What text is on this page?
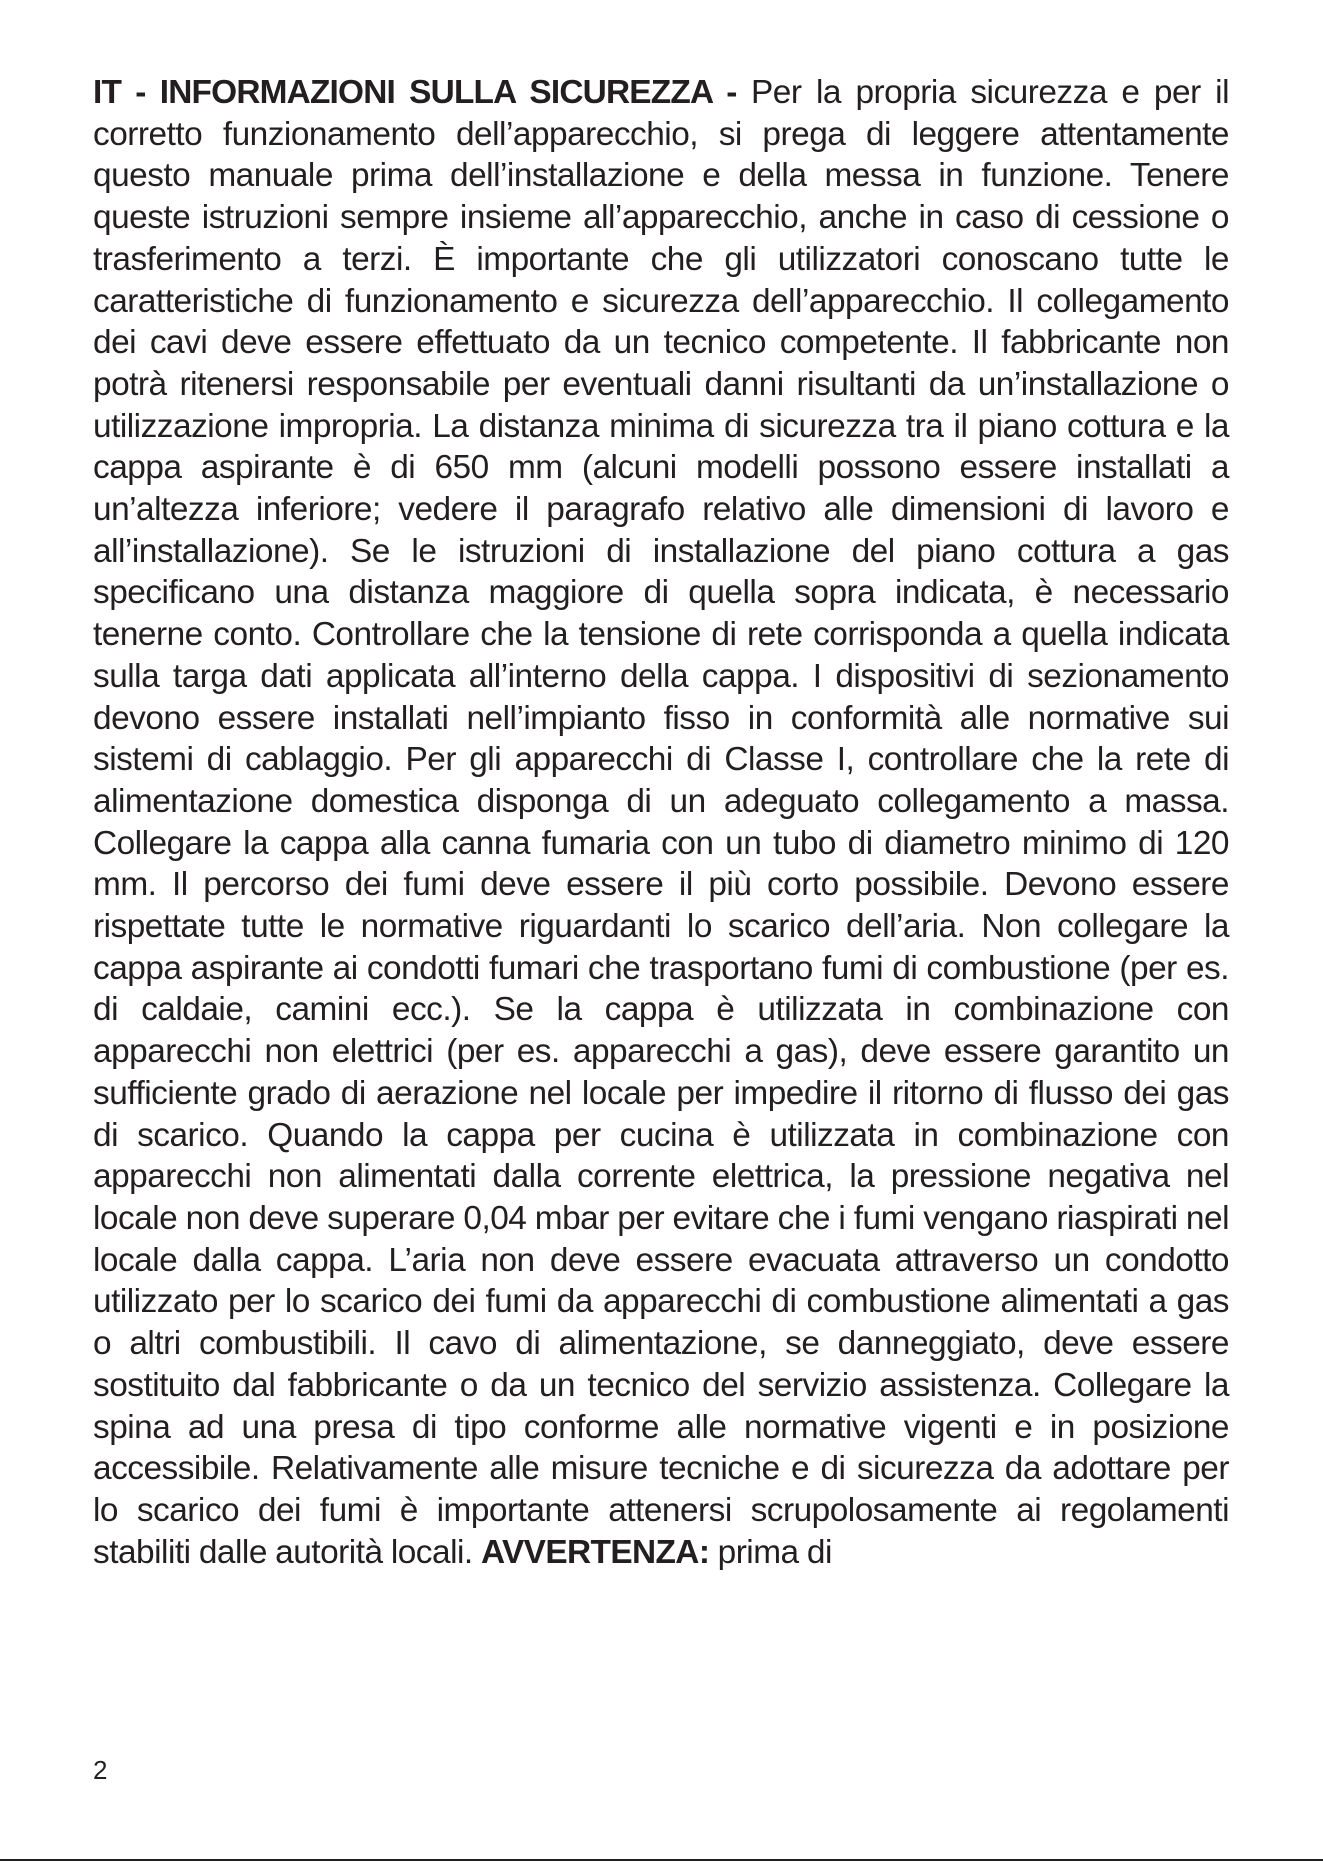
IT - INFORMAZIONI SULLA SICUREZZA - Per la propria sicurezza e per il corretto funzionamento dell’apparecchio, si prega di leggere attentamente questo manuale prima dell’installazione e della messa in funzione. Tenere queste istruzioni sempre insieme all’apparecchio, anche in caso di cessione o trasferimento a terzi. È importante che gli utilizzatori conoscano tutte le caratteristiche di funzionamento e sicurezza dell’apparecchio. Il collegamento dei cavi deve essere effettuato da un tecnico competente. Il fabbricante non potrà ritenersi responsabile per eventuali danni risultanti da un’installazione o utilizzazione impropria. La distanza minima di sicurezza tra il piano cottura e la cappa aspirante è di 650 mm (alcuni modelli possono essere installati a un’altezza inferiore; vedere il paragrafo relativo alle dimensioni di lavoro e all’installazione). Se le istruzioni di installazione del piano cottura a gas specificano una distanza maggiore di quella sopra indicata, è necessario tenerne conto. Controllare che la tensione di rete corrisponda a quella indicata sulla targa dati applicata all’interno della cappa. I dispositivi di sezionamento devono essere installati nell’impianto fisso in conformità alle normative sui sistemi di cablaggio. Per gli apparecchi di Classe I, controllare che la rete di alimentazione domestica disponga di un adeguato collegamento a massa. Collegare la cappa alla canna fumaria con un tubo di diametro minimo di 120 mm. Il percorso dei fumi deve essere il più corto possibile. Devono essere rispettate tutte le normative riguardanti lo scarico dell’aria. Non collegare la cappa aspirante ai condotti fumari che trasportano fumi di combustione (per es. di caldaie, camini ecc.). Se la cappa è utilizzata in combinazione con apparecchi non elettrici (per es. apparecchi a gas), deve essere garantito un sufficiente grado di aerazione nel locale per impedire il ritorno di flusso dei gas di scarico. Quando la cappa per cucina è utilizzata in combinazione con apparecchi non alimentati dalla corrente elettrica, la pressione negativa nel locale non deve superare 0,04 mbar per evitare che i fumi vengano riaspirati nel locale dalla cappa. L’aria non deve essere evacuata attraverso un condotto utilizzato per lo scarico dei fumi da apparecchi di combustione alimentati a gas o altri combustibili. Il cavo di alimentazione, se danneggiato, deve essere sostituito dal fabbricante o da un tecnico del servizio assistenza. Collegare la spina ad una presa di tipo conforme alle normative vigenti e in posizione accessibile. Relativamente alle misure tecniche e di sicurezza da adottare per lo scarico dei fumi è importante attenersi scrupolosamente ai regolamenti stabiliti dalle autorità locali. AVVERTENZA: prima di

2
